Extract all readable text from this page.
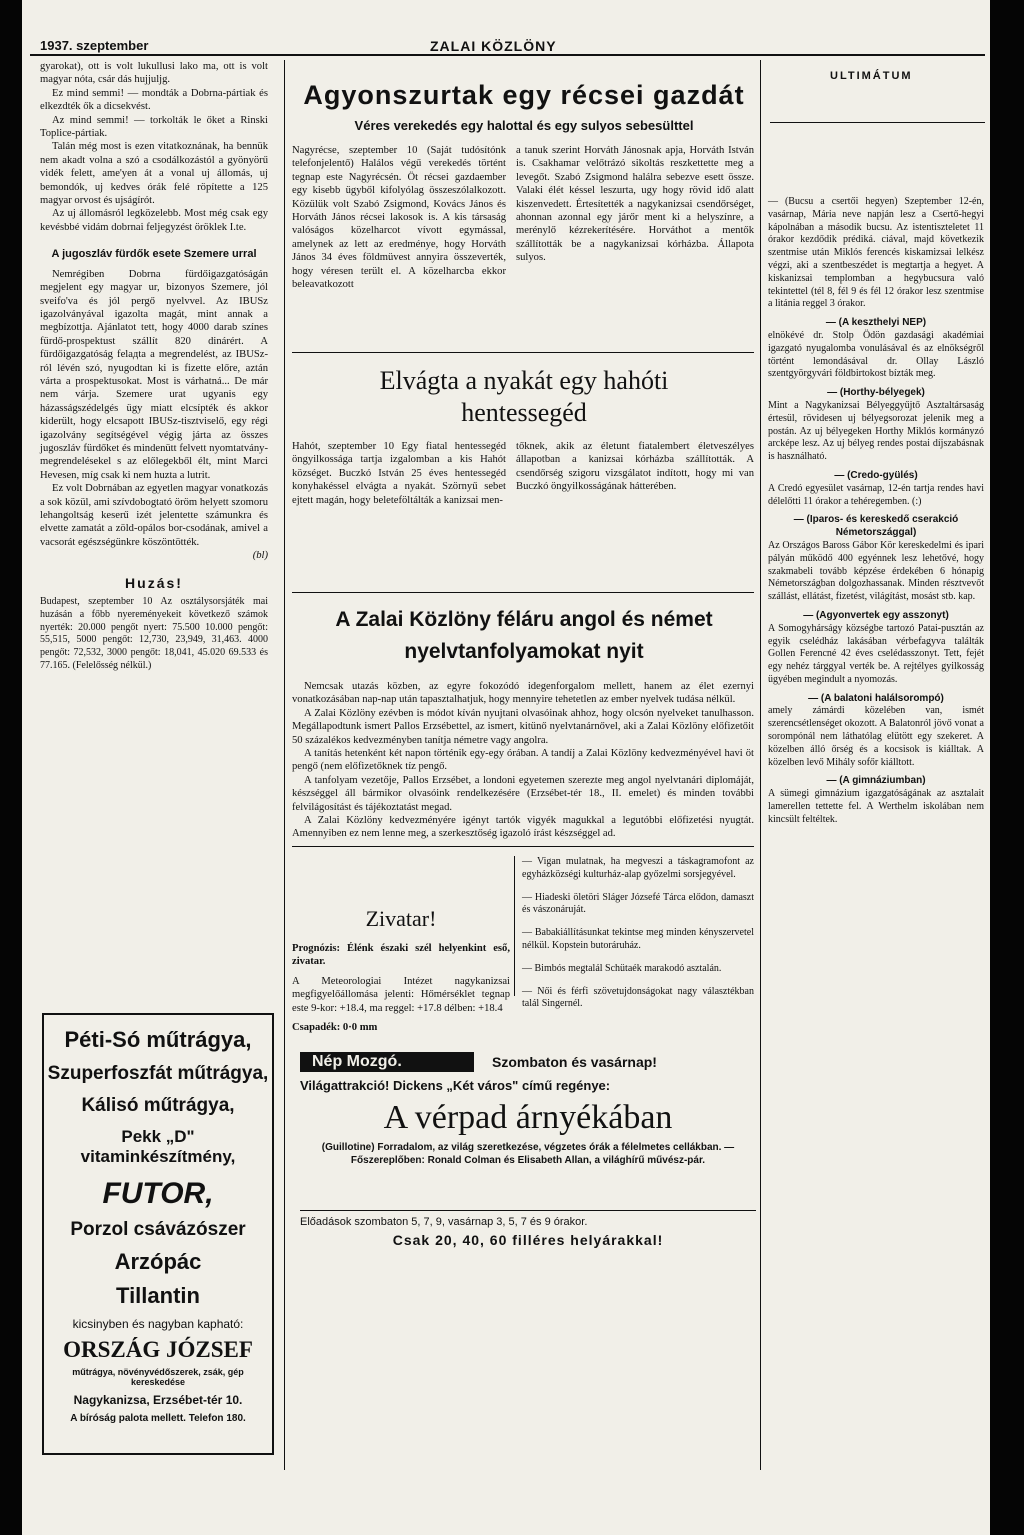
1937. szeptember	ZALAI KÖZLÖNY

gyarokat), ott is volt lukullusi lako ma, ott is volt magyar nóta, csár dás hujjuljg.

Ez mind semmi! — mondták a Dobrna-pártiak és elkezdték ők a dicsekvést.

Az mind semmi! — torkolták le őket a Rinski Toplice-pártiak.

Talán még most is ezen vitatkoznának, ha bennük nem akadt volna a szó a csodálkozástól a gyönyörű vidék felett, ame'yen át a vonal uj állomás, uj bemondók, uj kedves órák felé röpítette a 125 magyar orvost és ujságírót.

Az uj állomásról legközelebb. Most még csak egy kevésbbé vidám dobrnai feljegyzést öröklek I.te.

A jugoszláv fürdők esete Szemere urral

Nemrégiben Dobrna fürdőigazgatóságán megjelent egy magyar ur, bizonyos Szemere, jól sveifo'va és jól pergő nyelvvel. Az IBUSz igazolványával igazolta magát, mint annak a megbízottja. Ajánlatot tett, hogy 4000 darab színes fürdő-prospektust szállít 820 dinárért. A fürdőigazgatóság felадta a megrendelést, az IBUSz-ról lévén szó, nyugodtan ki is fizette előre, aztán várta a prospektusokat. Most is várhatná... De már nem várja. Szemere urat ugyanis egy házasságszédelgés ügy miatt elcsípték és akkor kiderült, hogy elcsapott IBUSz-tisztviselő, egy régi igazolvány segítségével végig járta az összes jugoszláv fürdőket és mindenütt felvett nyomtatvány-megrendelésekel s az előlegekből élt, mint Marci Hevesen, míg csak ki nem huzta a lutrit.

Ez volt Dobrnában az egyetlen magyar vonatkozás a sok közül, ami szívdobogtató öröm helyett szomoru lehangoltság keserű izét jelentette számunkra és elvette zamatát a zöld-opálos bor-csodának, amivel a vacsorát egészségünkre köszöntötték.

(bl)
Huzás!

Budapest, szeptember 10 Az osztálysorsjáték mai huzásán a főbb nyereményekeit következő számok nyerték: 20.000 pengőt nyert: 75.500 10.000 pengőt: 55,515, 5000 pengőt: 12,730, 23,949, 31,463. 4000 pengőt: 72,532, 3000 pengőt: 18,041, 45.020 69.533 és 77.165. (Felelősség nélkül.)

Péti-Só műtrágya,
Szuperfoszfát műtrágya,
Kálisó műtrágya,
Pekk „D" vitaminkészítmény,
FUTOR,
Porzol csávázószer
Arzópác
Tillantin
kicsinyben és nagyban kapható:
ORSZÁG JÓZSEF
műtrágya, növényvédőszerek, zsák, gép kereskedése
Nagykanizsa, Erzsébet-tér 10.
A bíróság palota mellett. Telefon 180.
Agyonszurtak egy récsei gazdát
Véres verekedés egy halottal és egy sulyos sebesülttel

Nagyrécse, szeptember 10 (Saját tudósítónk telefonjelentő) Halálos végű verekedés történt tegnap este Nagyrécsén. Öt récsei gazdaember egy kisebb ügyből kifolyólag összeszólalkozott. Közülük volt Szabó Zsigmond, Kovács János és Horváth János récsei lakosok is. A kis társaság valóságos közelharcot vívott egymással, amelynek az lett az eredménye, hogy Horváth János 34 éves földmüvest annyira összeverték, hogy véresen terült el. A közelharcba ekkor beleavatkozott

a tanuk szerint Horváth Jánosnak apja, Horváth István is. Csakhamar velőtrázó sikoltás reszkettette meg a levegőt. Szabó Zsigmond halálra sebezve esett össze. Valaki élét késsel leszurta, ugy hogy rövid idő alatt kiszenvedett. Értesítették a nagykanizsai csendőrséget, ahonnan azonnal egy járőr ment ki a helyszínre, a merénylő kézrekerítésére. Horváthot a mentők szállították be a nagykanizsai kórházba. Állapota sulyos.

Elvágta a nyakát egy hahóti
hentessegéd

Hahót, szeptember 10 Egy fiatal hentessegéd öngyilkossága tartja izgalomban a kis Hahót községet. Buczkó István 25 éves hentessegéd konyhakéssel elvágta a nyakát. Szörnyű sebet ejtett magán, hogy beleteföltálták a kanizsai men-

tőknek, akik az életunt fiatalembert életveszélyes állapotban a kanizsai kórházba szállították. A csendőrség szigoru vizsgálatot indított, hogy mi van Buczkó öngyilkosságának hátterében.

A Zalai Közlöny féláru angol és német
nyelvtanfolyamokat nyit

Nemcsak utazás közben, az egyre fokozódó idegenforgalom mellett, hanem az élet ezernyi vonatkozásában nap-nap után tapasztalhatjuk, hogy mennyire tehetetlen az ember nyelvek tudása nélkül.

A Zalai Közlöny ezévben is módot kíván nyujtani olvasóinak ahhoz, hogy olcsón nyelveket tanulhasson. Megállapodtunk ismert Pallos Erzsébettel, az ismert, kitünő nyelvtanárnővel, aki a Zalai Közlöny előfizetőit 50 százalékos kedvezményben tanítja németre vagy angolra.

A tanítás hetenként két napon történik egy-egy órában. A tandíj a Zalai Közlöny kedvezményével havi öt pengő (nem előfizetőknek tíz pengő.

A tanfolyam vezetője, Pallos Erzsébet, a londoni egyetemen szerezte meg angol nyelvtanári diplomáját, készséggel áll bármikor olvasóink rendelkezésére (Erzsébet-tér 18., II. emelet) és minden további felvilágosítást és tájékoztatást megad.

A Zalai Közlöny kedvezményére igényt tartók vigyék magukkal a legutóbbi előfizetési nyugtát. Amennyiben ez nem lenne meg, a szerkesztőség igazoló írást készséggel ad.

Zivatar!

Prognózis: Élénk északi szél helyenkint eső, zivatar.

A Meteorologiai Intézet nagykanizsai megfigyelőállomása jelenti: Hőmérséklet tegnap este 9-kor: +18.4, ma reggel: +17.8 délben: +18.4

Csapadék: 0·0 mm

— Vigan mulatnak, ha megveszi a táskagramofont az egyházközségi kulturház-alap győzelmi sorsjegyével.

— Hiadeski öletöri Sláger Józsefé Tárca elődon, damaszt és vászonáruját.

— Babakiállításunkat tekintse meg minden kényszervetel nélkül. Kopstein butoráruház.

— Bimbós megtalál Schütaék marakodó asztalán.

— Női és férfi szövetujdonságokat nagy választékban talál Singernél.

Nép Mozgó.	Szombaton és vasárnap!
Világattrakció! Dickens „Két város" című regénye:
A vérpad árnyékában
(Guillotine) Forradalom, az világ szeretkezése, végzetes órák a félelmetes cellákban. — Főszereplőben: Ronald Colman és Elisabeth Allan, a világhírű művész-pár.
Előadások szombaton 5, 7, 9, vasárnap 3, 5, 7 és 9 órakor.
Csak 20, 40, 60 filléres helyárakkal!
ULTIMÁTUM

— (Bucsu a csertői hegyen) Szeptember 12-én, vasárnap, Mária neve napján lesz a Csertő-hegyi kápolnában a második bucsu. Az istentiszteletet 11 órakor kezdődik prédiká. ciával, majd következik szentmise után Miklós ferencés kiskamizsai lelkész végzi, aki a szentbeszédet is megtartja a hegyet. A kiskanizsai templomban a hegybucsura való tekintettel (tél 8, fél 9 és fél 12 órakor lesz szentmise a litánia reggel 3 órakor.

— (A keszthelyi NEP)

elnökévé dr. Stolp Ödön gazdasági akadémiai igazgató nyugalomba vonulásával és az elnökségről történt lemondásával dr. Ollay László szentgyörgyvári földbirtokost bízták meg.

— (Horthy-bélyegek)

Mint a Nagykanizsai Bélyeggyűjtő Asztaltársaság értesül, rövidesen uj bélyegsorozat jelenik meg a postán. Az uj bélyegeken Horthy Miklós kormányzó arcképe lesz. Az uj bélyeg rendes postai díjszabásnak is használható.

— (Credo-gyülés)

A Credó egyesület vasárnap, 12-én tartja rendes havi délelőtti 11 órakor a tehéregemben. (:)

— (Iparos- és kereskedő cserakció Németországgal)

Az Országos Baross Gábor Kör kereskedelmi és ipari pályán működő 400 egyénnek lesz lehetővé, hogy szakmabeli tovább képzése érdekében 6 hónapig Németországban dolgozhassanak. Minden résztvevőt szállást, ellátást, fizetést, világítást, mosást stb. kap.

— (Agyonvertek egy asszonyt)

A Somogyhárságy községbe tartozó Patai-pusztán az egyik cselédház lakásában vérbefagyva találták Gollen Ferencné 42 éves cselédasszonyt. Tett, fejét egy nehéz tárggyal verték be. A rejtélyes gyilkosság ügyében megindult a nyomozás.

— (A balatoni halálsorompó)

amely zámárdi közelében van, ismét szerencsétlenséget okozott. A Balatonról jövő vonat a sorompónál nem láthatólag elütött egy szekeret. A közelben álló őrség és a kocsisok is kiálltak. A közelben levő Mihály sofőr kiálltott.

— (A gimnáziumban)

A sümegi gimnázium igazgatóságának az asztalait lamerellen tettette fel. A Werthelm iskolában nem kincsült feltéltek.
